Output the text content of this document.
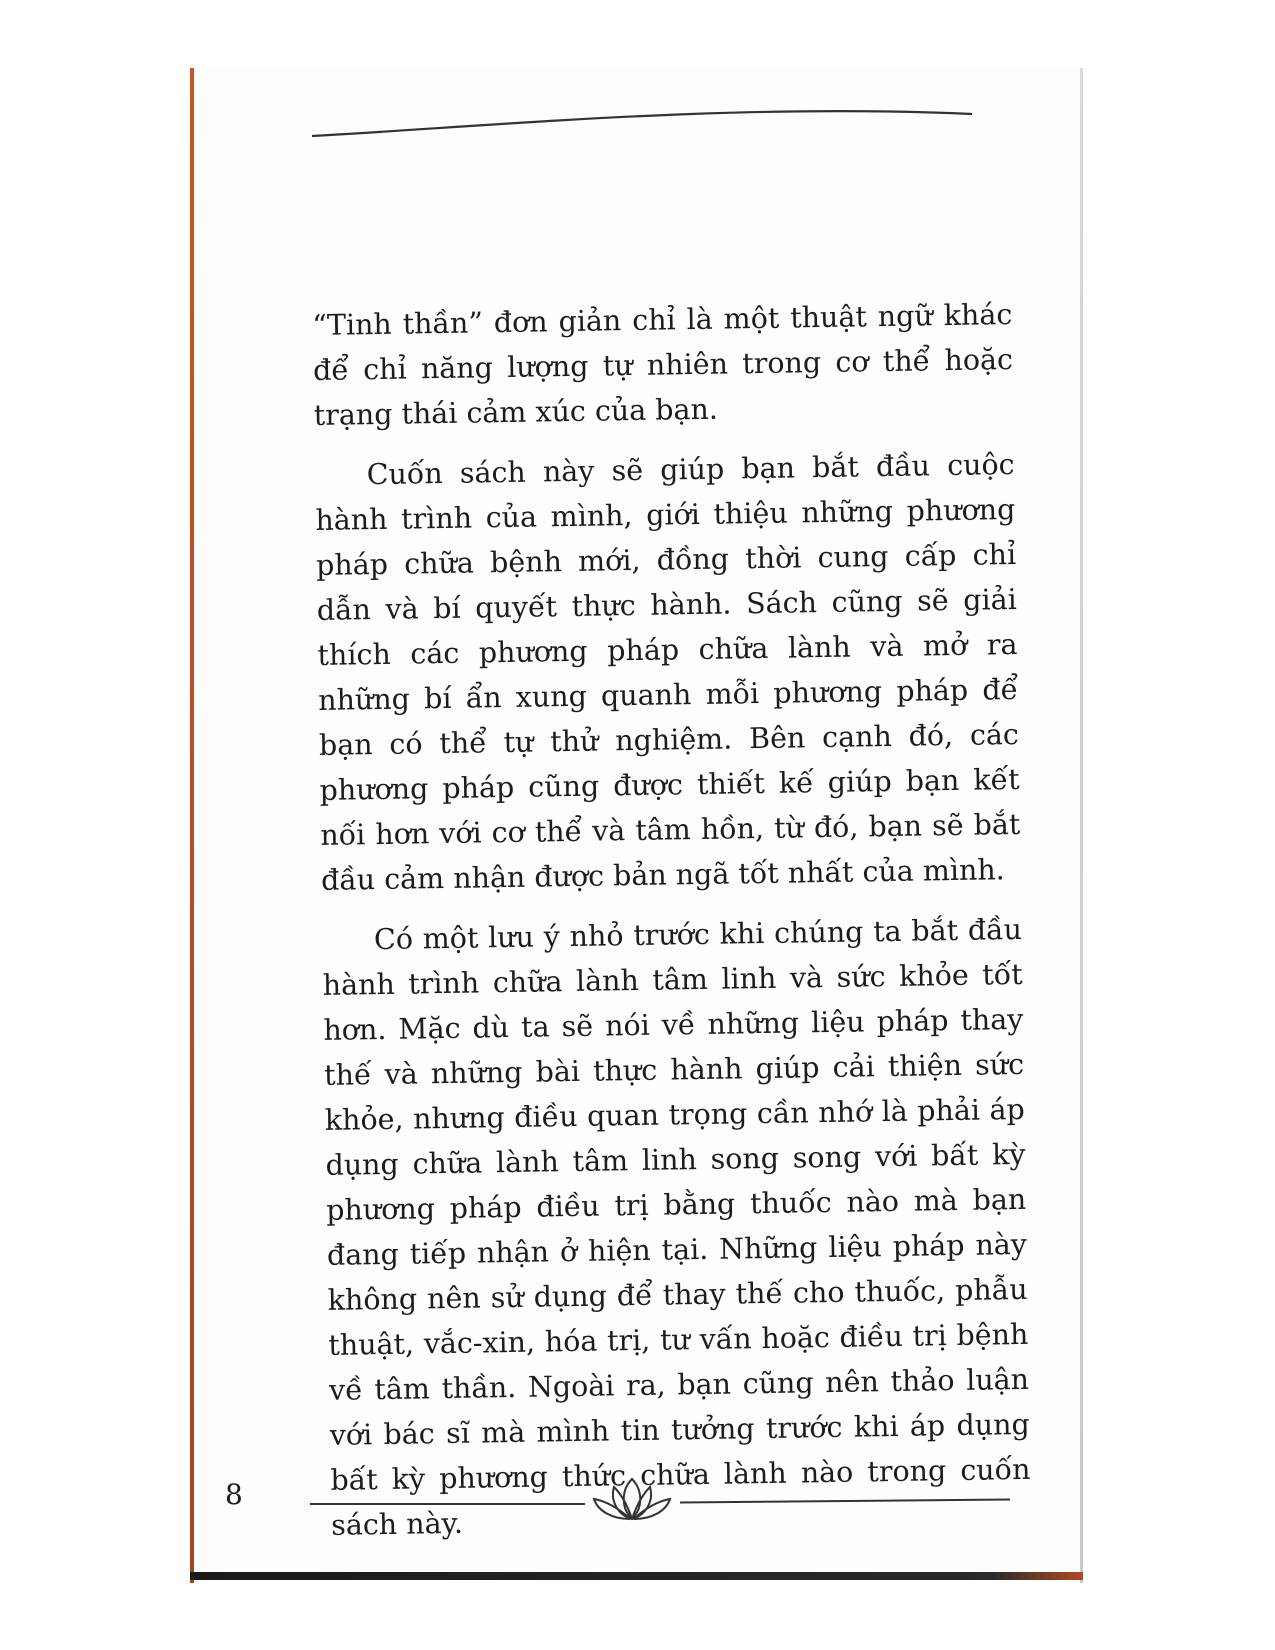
“Tinh thần” đơn giản chỉ là một thuật ngữ khác để chỉ năng lượng tự nhiên trong cơ thể hoặc trạng thái cảm xúc của bạn.

Cuốn sách này sẽ giúp bạn bắt đầu cuộc hành trình của mình, giới thiệu những phương pháp chữa bệnh mới, đồng thời cung cấp chỉ dẫn và bí quyết thực hành. Sách cũng sẽ giải thích các phương pháp chữa lành và mở ra những bí ẩn xung quanh mỗi phương pháp để bạn có thể tự thử nghiệm. Bên cạnh đó, các phương pháp cũng được thiết kế giúp bạn kết nối hơn với cơ thể và tâm hồn, từ đó, bạn sẽ bắt đầu cảm nhận được bản ngã tốt nhất của mình.

Có một lưu ý nhỏ trước khi chúng ta bắt đầu hành trình chữa lành tâm linh và sức khỏe tốt hơn. Mặc dù ta sẽ nói về những liệu pháp thay thế và những bài thực hành giúp cải thiện sức khỏe, nhưng điều quan trọng cần nhớ là phải áp dụng chữa lành tâm linh song song với bất kỳ phương pháp điều trị bằng thuốc nào mà bạn đang tiếp nhận ở hiện tại. Những liệu pháp này không nên sử dụng để thay thế cho thuốc, phẫu thuật, vắc-xin, hóa trị, tư vấn hoặc điều trị bệnh về tâm thần. Ngoài ra, bạn cũng nên thảo luận với bác sĩ mà mình tin tưởng trước khi áp dụng bất kỳ phương thức chữa lành nào trong cuốn sách này.

8
